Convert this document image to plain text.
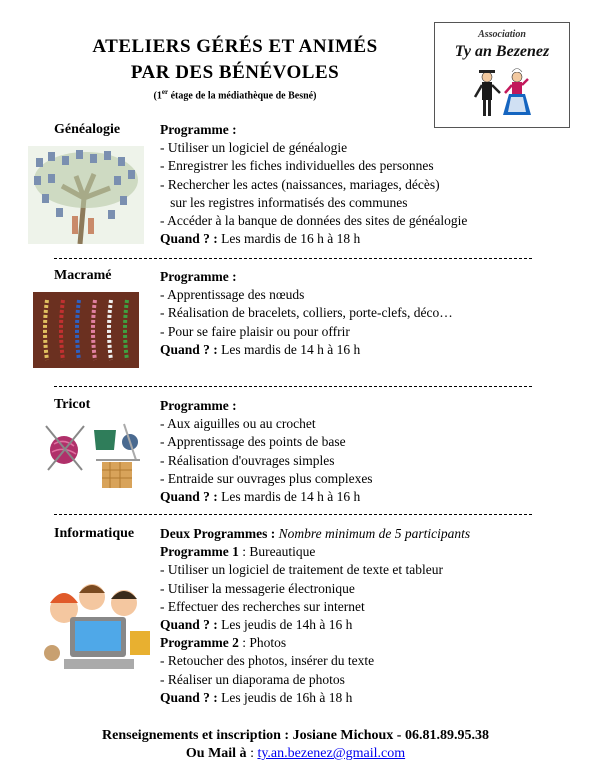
ATELIERS GÉRÉS ET ANIMÉS
PAR DES BÉNÉVOLES
(1er étage de la médiathèque de Besné)
Association
Ty an Bezenez
Généalogie	Programme :
- Utiliser un logiciel de généalogie
- Enregistrer les fiches individuelles des personnes
- Rechercher les actes (naissances, mariages, décès)
sur les registres informatisés des communes
- Accéder à la banque de données des sites de généalogie
Quand ? : Les mardis de 16 h à 18 h
Macramé	Programme :
- Apprentissage des nœuds
- Réalisation de bracelets, colliers, porte-clefs, déco…
- Pour se faire plaisir ou pour offrir
Quand ? : Les mardis de 14 h à 16 h
Tricot	Programme :
- Aux aiguilles ou au crochet
- Apprentissage des points de base
- Réalisation d'ouvrages simples
- Entraide sur ouvrages plus complexes
Quand ? : Les mardis de 14 h à 16 h
Informatique Deux Programmes : Nombre minimum de 5 participants
Programme 1 : Bureautique
- Utiliser un logiciel de traitement de texte et tableur
- Utiliser la messagerie électronique
- Effectuer des recherches sur internet
Quand ? : Les jeudis de 14h à 16 h
Programme 2 : Photos
- Retoucher des photos, insérer du texte
- Réaliser un diaporama de photos
Quand ? : Les jeudis de 16h à 18 h
Renseignements et inscription : Josiane Michoux - 06.81.89.95.38
Ou Mail à : ty.an.bezenez@gmail.com
